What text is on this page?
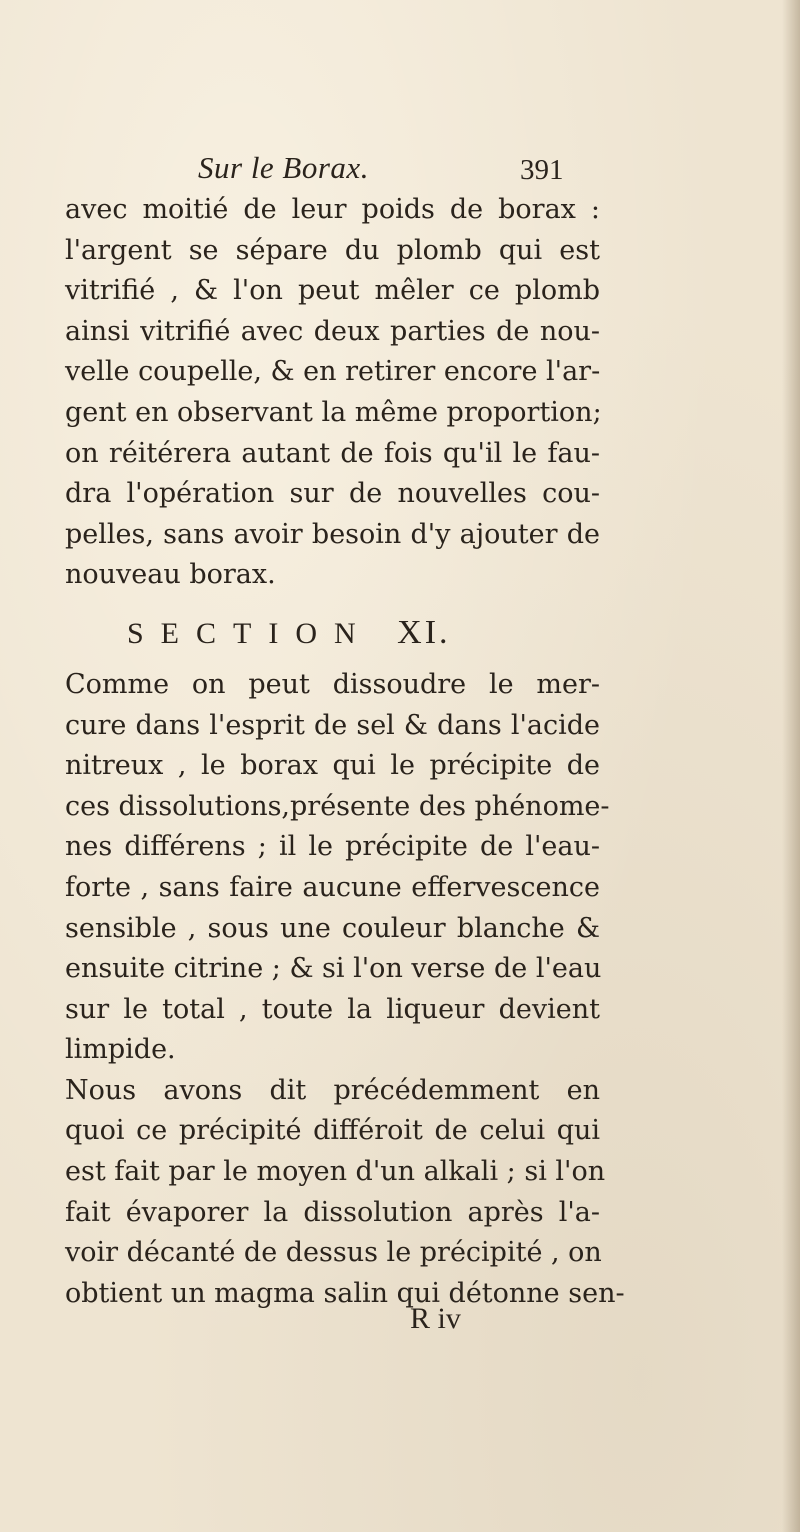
Sur le Borax.	391
avec moitié de leur poids de borax :
l'argent se sépare du plomb qui est
vitrifié , & l'on peut mêler ce plomb
ainsi vitrifié avec deux parties de nou-
velle coupelle, & en retirer encore l'ar-
gent en observant la même proportion;
on réitérera autant de fois qu'il le fau-
dra l'opération sur de nouvelles cou-
pelles, sans avoir besoin d'y ajouter de
nouveau borax.
SECTION XI.
Comme on peut dissoudre le mer-
cure dans l'esprit de sel & dans l'acide
nitreux , le borax qui le précipite de
ces dissolutions,présente des phénome-
nes différens ; il le précipite de l'eau-
forte , sans faire aucune effervescence
sensible , sous une couleur blanche &
ensuite citrine ; & si l'on verse de l'eau
sur le total , toute la liqueur devient
limpide.
Nous avons dit précédemment en
quoi ce précipité différoit de celui qui
est fait par le moyen d'un alkali ; si l'on
fait évaporer la dissolution après l'a-
voir décanté de dessus le précipité , on
obtient un magma salin qui détonne sen-
R iv
